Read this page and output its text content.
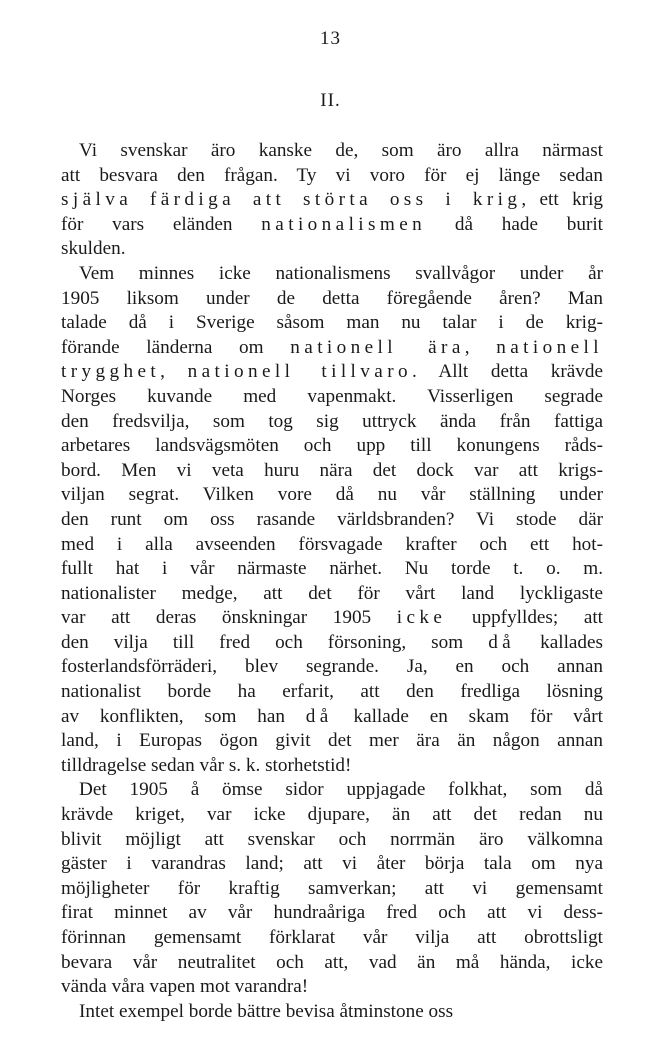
13
II.
Vi svenskar äro kanske de, som äro allra närmast
att besvara den frågan. Ty vi voro för ej länge sedan
själva färdiga att störta oss i krig, ett krig
för vars eländen nationalismen då hade burit
skulden.
Vem minnes icke nationalismens svallvågor under år
1905 liksom under de detta föregående åren? Man
talade då i Sverige såsom man nu talar i de krig-
förande länderna om nationell ära, nationell
trygghet, nationell tillvaro. Allt detta krävde
Norges kuvande med vapenmakt. Visserligen segrade
den fredsvilja, som tog sig uttryck ända från fattiga
arbetares landsvägsmöten och upp till konungens råds-
bord. Men vi veta huru nära det dock var att krigs-
viljan segrat. Vilken vore då nu vår ställning under
den runt om oss rasande världsbranden? Vi stode där
med i alla avseenden försvagade krafter och ett hot-
fullt hat i vår närmaste närhet. Nu torde t. o. m.
nationalister medge, att det för vårt land lyckligaste
var att deras önskningar 1905 icke uppfylldes; att
den vilja till fred och försoning, som då kallades
fosterlandsförräderi, blev segrande. Ja, en och annan
nationalist borde ha erfarit, att den fredliga lösning
av konflikten, som han då kallade en skam för vårt
land, i Europas ögon givit det mer ära än någon annan
tilldragelse sedan vår s. k. storhetstid!
Det 1905 å ömse sidor uppjagade folkhat, som då
krävde kriget, var icke djupare, än att det redan nu
blivit möjligt att svenskar och norrmän äro välkomna
gäster i varandras land; att vi åter börja tala om nya
möjligheter för kraftig samverkan; att vi gemensamt
firat minnet av vår hundraåriga fred och att vi dess-
förinnan gemensamt förklarat vår vilja att obrottsligt
bevara vår neutralitet och att, vad än må hända, icke
vända våra vapen mot varandra!
Intet exempel borde bättre bevisa åtminstone oss
